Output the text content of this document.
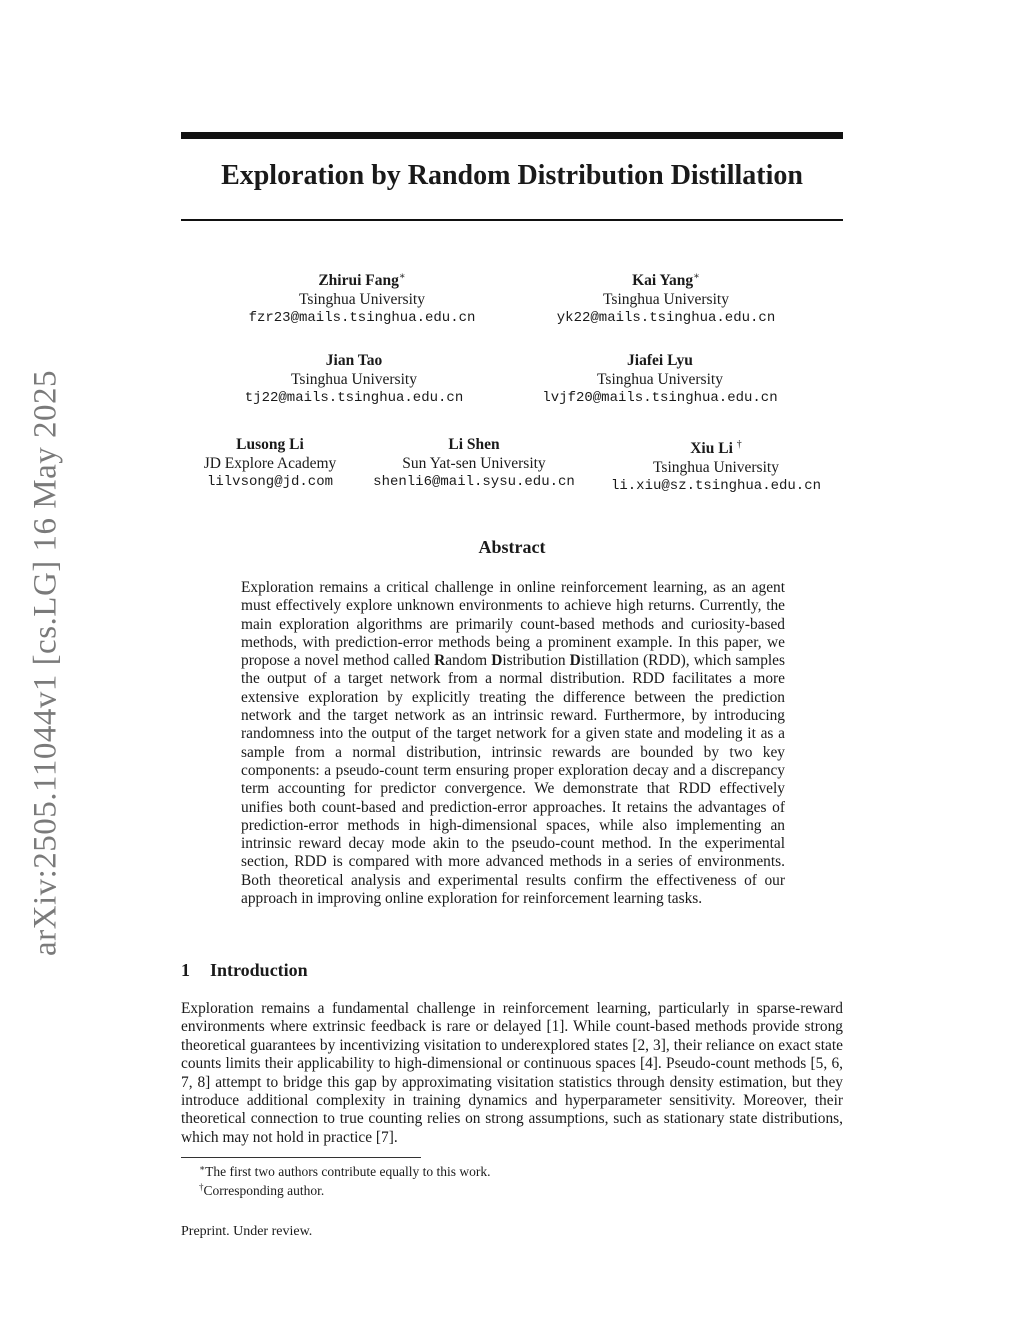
arXiv:2505.11044v1 [cs.LG] 16 May 2025
Exploration by Random Distribution Distillation
Zhirui Fang∗
Tsinghua University
fzr23@mails.tsinghua.edu.cn
Kai Yang∗
Tsinghua University
yk22@mails.tsinghua.edu.cn
Jian Tao
Tsinghua University
tj22@mails.tsinghua.edu.cn
Jiafei Lyu
Tsinghua University
lvjf20@mails.tsinghua.edu.cn
Lusong Li
JD Explore Academy
lilvsong@jd.com
Li Shen
Sun Yat-sen University
shenli6@mail.sysu.edu.cn
Xiu Li †
Tsinghua University
li.xiu@sz.tsinghua.edu.cn
Abstract

Exploration remains a critical challenge in online reinforcement learning, as an agent must effectively explore unknown environments to achieve high returns. Currently, the main exploration algorithms are primarily count-based methods and curiosity-based methods, with prediction-error methods being a prominent example. In this paper, we propose a novel method called Random Distribution Distillation (RDD), which samples the output of a target network from a normal distribution. RDD facilitates a more extensive exploration by explicitly treating the difference between the prediction network and the target network as an intrinsic reward. Furthermore, by introducing randomness into the output of the target network for a given state and modeling it as a sample from a normal distribution, intrinsic rewards are bounded by two key components: a pseudo-count term ensuring proper exploration decay and a discrepancy term accounting for predictor convergence. We demonstrate that RDD effectively unifies both count-based and prediction-error approaches. It retains the advantages of prediction-error methods in high-dimensional spaces, while also implementing an intrinsic reward decay mode akin to the pseudo-count method. In the experimental section, RDD is compared with more advanced methods in a series of environments. Both theoretical analysis and experimental results confirm the effectiveness of our approach in improving online exploration for reinforcement learning tasks.

1 Introduction

Exploration remains a fundamental challenge in reinforcement learning, particularly in sparse-reward environments where extrinsic feedback is rare or delayed [1]. While count-based methods provide strong theoretical guarantees by incentivizing visitation to underexplored states [2, 3], their reliance on exact state counts limits their applicability to high-dimensional or continuous spaces [4]. Pseudo-count methods [5, 6, 7, 8] attempt to bridge this gap by approximating visitation statistics through density estimation, but they introduce additional complexity in training dynamics and hyperparameter sensitivity. Moreover, their theoretical connection to true counting relies on strong assumptions, such as stationary state distributions, which may not hold in practice [7].

∗The first two authors contribute equally to this work.
†Corresponding author.
Preprint. Under review.
